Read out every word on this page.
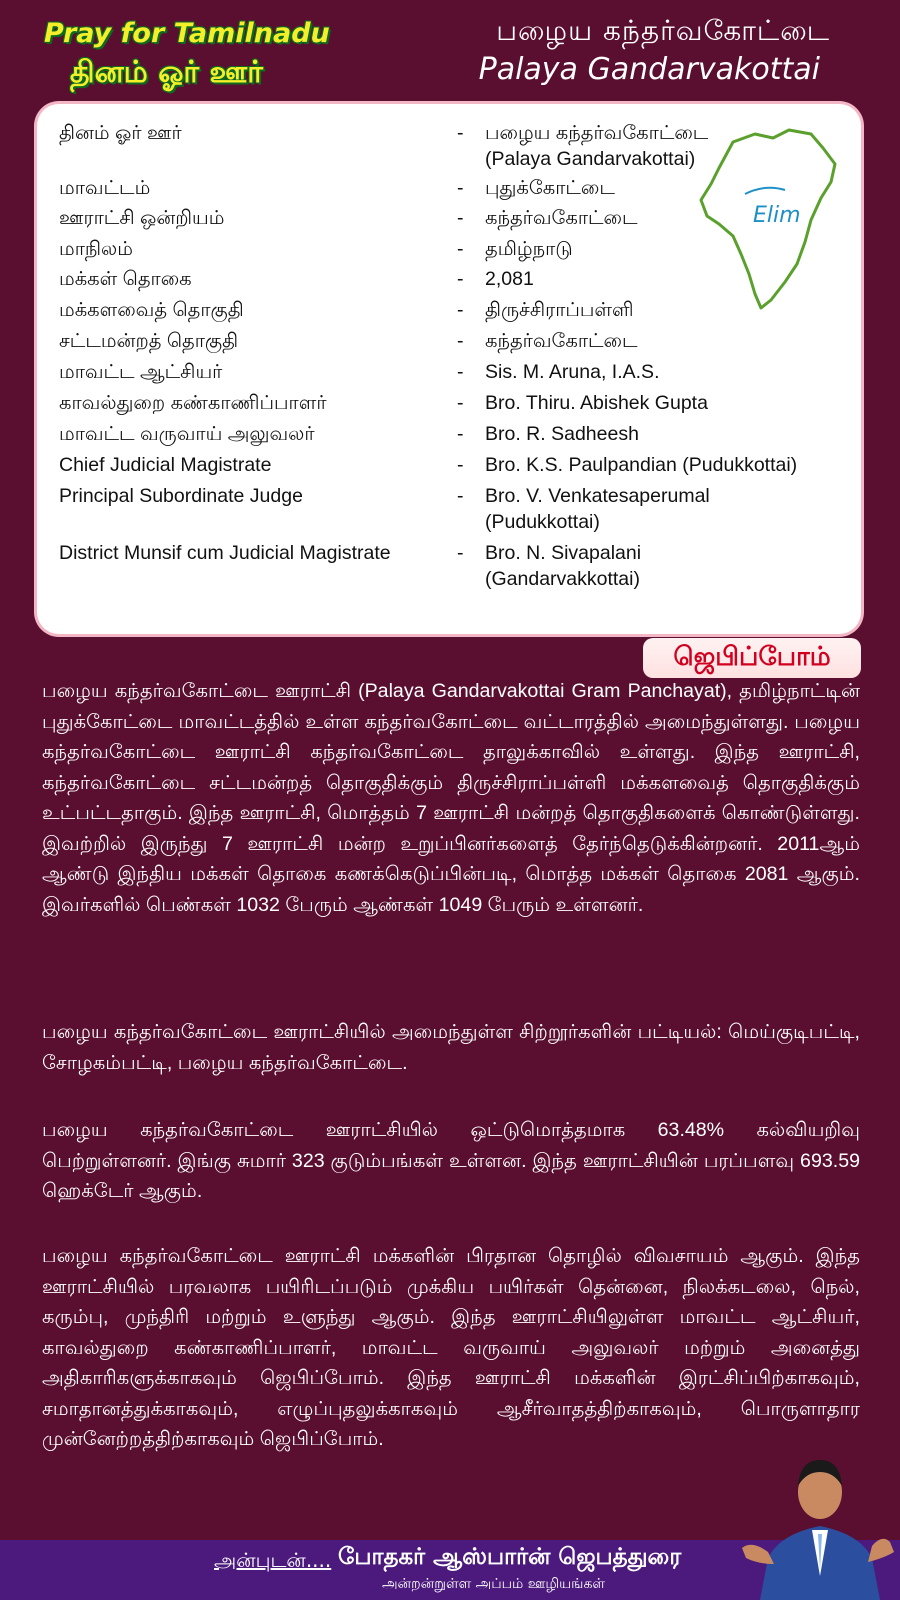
Pray for Tamilnadu
தினம் ஓர் ஊர்
பழைய கந்தர்வகோட்டை
Palaya Gandarvakottai
தினம் ஓர் ஊர்	- பழைய கந்தர்வகோட்டை
(Palaya Gandarvakottai)
மாவட்டம்	- புதுக்கோட்டை
ஊராட்சி ஒன்றியம்	- கந்தர்வகோட்டை
மாநிலம்	- தமிழ்நாடு
மக்கள் தொகை	- 2,081
மக்களவைத் தொகுதி	- திருச்சிராப்பள்ளி
சட்டமன்றத் தொகுதி	- கந்தர்வகோட்டை
மாவட்ட ஆட்சியர்	- Sis. M. Aruna, I.A.S.
காவல்துறை கண்காணிப்பாளர்	- Bro. Thiru. Abishek Gupta
மாவட்ட வருவாய் அலுவலர்	- Bro. R. Sadheesh
Chief Judicial Magistrate	- Bro. K.S. Paulpandian (Pudukkottai)
Principal Subordinate Judge	- Bro. V. Venkatesaperumal
(Pudukkottai)
District Munsif cum Judicial Magistrate	- Bro. N. Sivapalani
(Gandarvakkottai)
Elim
ஜெபிப்போம்

பழைய கந்தர்வகோட்டை ஊராட்சி (Palaya Gandarvakottai Gram Panchayat), தமிழ்நாட்டின் புதுக்கோட்டை மாவட்டத்தில் உள்ள கந்தர்வகோட்டை வட்டாரத்தில் அமைந்துள்ளது. பழைய கந்தர்வகோட்டை ஊராட்சி கந்தர்வகோட்டை தாலுக்காவில் உள்ளது. இந்த ஊராட்சி, கந்தர்வகோட்டை சட்டமன்றத் தொகுதிக்கும் திருச்சிராப்பள்ளி மக்களவைத் தொகுதிக்கும் உட்பட்டதாகும். இந்த ஊராட்சி, மொத்தம் 7 ஊராட்சி மன்றத் தொகுதிகளைக் கொண்டுள்ளது. இவற்றில் இருந்து 7 ஊராட்சி மன்ற உறுப்பினர்களைத் தேர்ந்தெடுக்கின்றனர். 2011ஆம் ஆண்டு இந்திய மக்கள் தொகை கணக்கெடுப்பின்படி, மொத்த மக்கள் தொகை 2081 ஆகும். இவர்களில் பெண்கள் 1032 பேரும் ஆண்கள் 1049 பேரும் உள்ளனர்.

பழைய கந்தர்வகோட்டை ஊராட்சியில் அமைந்துள்ள சிற்றூர்களின் பட்டியல்: மெய்குடிபட்டி, சோழகம்பட்டி, பழைய கந்தர்வகோட்டை.

பழைய கந்தர்வகோட்டை ஊராட்சியில் ஒட்டுமொத்தமாக 63.48% கல்வியறிவு பெற்றுள்ளனர். இங்கு சுமார் 323 குடும்பங்கள் உள்ளன. இந்த ஊராட்சியின் பரப்பளவு 693.59 ஹெக்டேர் ஆகும்.

பழைய கந்தர்வகோட்டை ஊராட்சி மக்களின் பிரதான தொழில் விவசாயம் ஆகும். இந்த ஊராட்சியில் பரவலாக பயிரிடப்படும் முக்கிய பயிர்கள் தென்னை, நிலக்கடலை, நெல், கரும்பு, முந்திரி மற்றும் உளுந்து ஆகும். இந்த ஊராட்சியிலுள்ள மாவட்ட ஆட்சியர், காவல்துறை கண்காணிப்பாளர், மாவட்ட வருவாய் அலுவலர் மற்றும் அனைத்து அதிகாரிகளுக்காகவும் ஜெபிப்போம். இந்த ஊராட்சி மக்களின் இரட்சிப்பிற்காகவும், சமாதானத்துக்காகவும், எழுப்புதலுக்காகவும் ஆசீர்வாதத்திற்காகவும், பொருளாதார முன்னேற்றத்திற்காகவும் ஜெபிப்போம்.

அன்புடன்.... போதகர் ஆஸ்பார்ன் ஜெபத்துரை
அன்றன்றுள்ள அப்பம் ஊழியங்கள்
